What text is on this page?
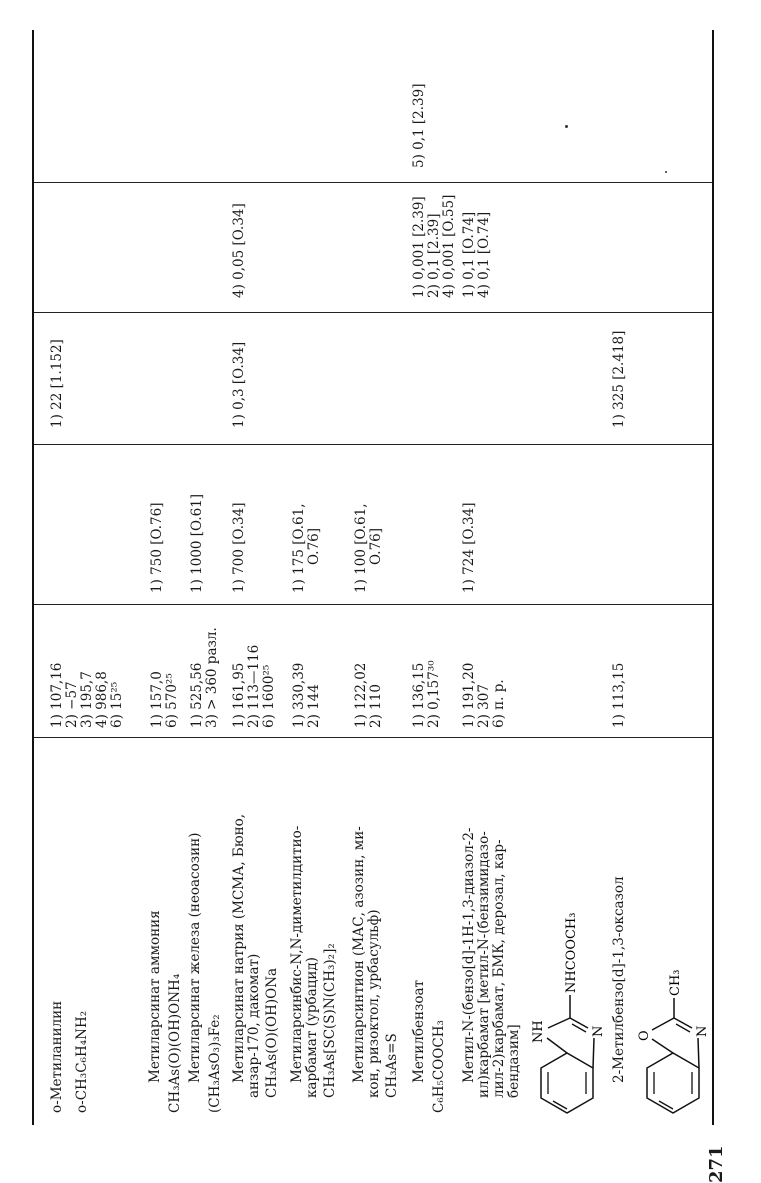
271
о-Метиланилин о-CH₃C₆H₄NH₂
1) 107,16 2) −57 3) 195,7 4) 986,8 6) 15²⁵
1) 22 [1.152]
Метиларсинат аммония CH₃As(O)(OH)ONH₄
1) 157,0 6) 570²⁵
1) 750 [O.76]
Метиларсинат железа (неоасозин) (CH₃AsO₃)₃Fe₂
1) 525,56 3) > 360 разл.
1) 1000 [O.61]
Метиларсинат натрия (МСМА, Бюно, анзар-170, дакомат) CH₃As(O)(OH)ONa
1) 161,95 2) 113—116 6) 1600²⁵
1) 700 [O.34]
1) 0,3 [O.34]
4) 0,05 [O.34]
Метиларсинбис-N,N-диметилдитио- карбамат (урбацид) CH₃As[SC(S)N(CH₃)₂]₂
1) 330,39 2) 144
1) 175 [O.61, O.76]
Метиларсинтион (МАС, азозин, ми- кон, ризоктол, урбасульф) CH₃As=S
1) 122,02 2) 110
1) 100 [O.61, O.76]
Метилбензоат C₆H₅COOCH₃
1) 136,15 2) 0,157³⁰
1) 0,001 [2.39] 2) 0,1 [2.39] 4) 0,001 [O.55]
5) 0,1 [2.39]
Метил-N-(бензо[d]-1H-1,3-диазол-2- ил)карбамат [метил-N-(бензимидазо- лил-2)карбамат, БМК, дерозал, кар- бендазим]
1) 191,20 2) 307 6) п. р.
1) 724 [O.34]
1) 0,1 [O.74] 4) 0,1 [O.74]
NH	N
NHCOOCH₃ 2-Метилбензо[d]-1,3-оксазол
1) 113,15
1) 325 [2.418]
O	N
CH₃
